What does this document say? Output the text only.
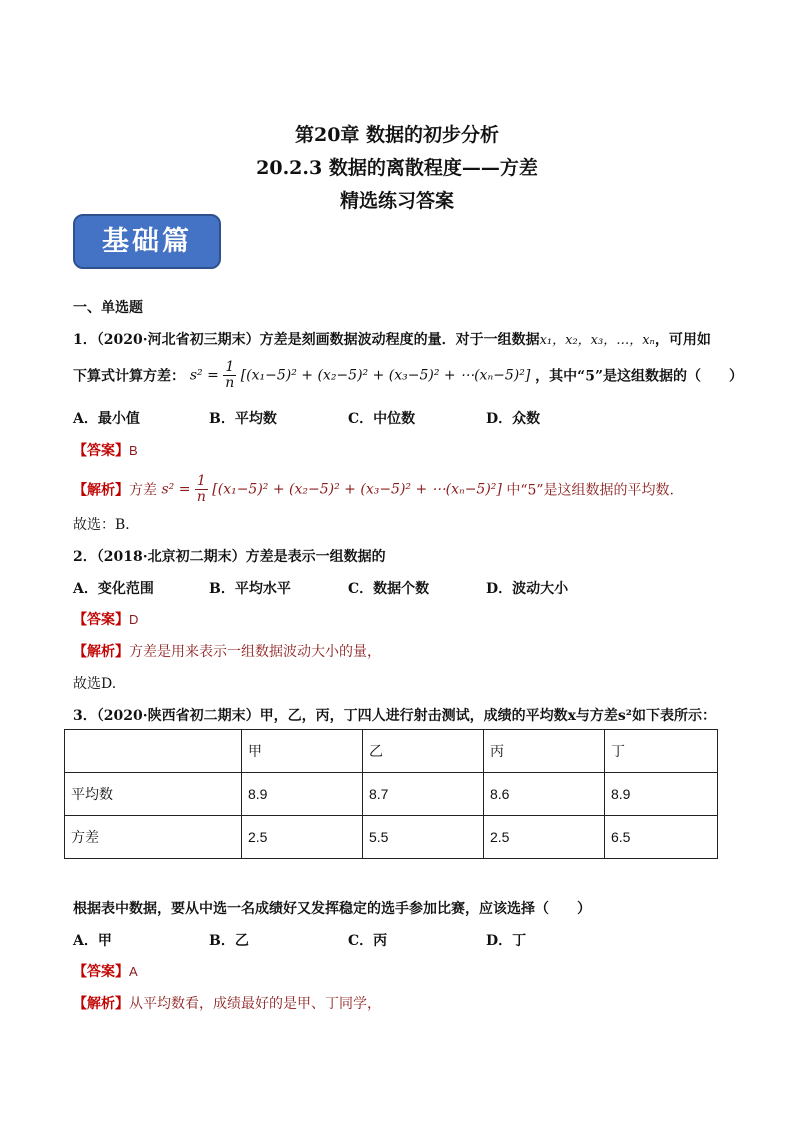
第20章 数据的初步分析
20.2.3 数据的离散程度——方差
精选练习答案
基础篇
一、单选题
1．（2020·河北省初三期末）方差是刻画数据波动程度的量．对于一组数据x₁，x₂，x₃，…，xₙ，可用如
下算式计算方差： $s^2 = \frac{1}{n} [(x_1-5)^2 + (x_2-5)^2 + (x_3-5)^2$ + ⋯(xₙ−5)²] ，其中“5”是这组数据的（　　）
A．最小值	B．平均数	C．中位数	D．众数
【答案】B
【解析】方差 $s^2 = \frac{1}{n} [(x_1-5)^2 + (x_2-5)^2 + (x_3-5)^2$ + ⋯(xₙ−5)²] 中“5”是这组数据的平均数.
故选：B．
2．（2018·北京初二期末）方差是表示一组数据的
A．变化范围	B．平均水平	C．数据个数	D．波动大小
【答案】D
【解析】方差是用来表示一组数据波动大小的量，
故选D.
3．（2020·陕西省初二期末）甲，乙，丙，丁四人进行射击测试，成绩的平均数x与方差s²如下表所示：
	甲	乙	丙	丁
平均数	8.9	8.7	8.6	8.9
方差	2.5	5.5	2.5	6.5
根据表中数据，要从中选一名成绩好又发挥稳定的选手参加比赛，应该选择（　　）
A．甲	B．乙	C．丙	D．丁
【答案】A
【解析】从平均数看，成绩最好的是甲、丁同学，
